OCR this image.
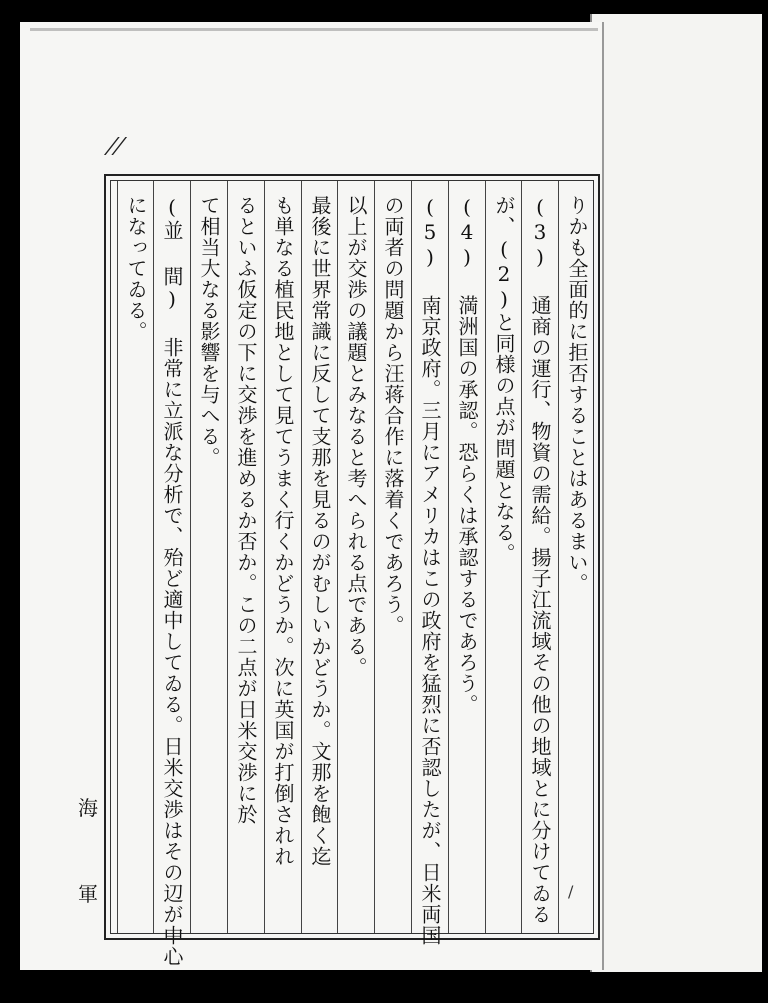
//
りかも全面的に拒否することはあるまい。
(3) 通商の運行、物資の需給。揚子江流域その他の地域とに分けてゐる
が、(2)と同様の点が問題となる。
(4) 満洲国の承認。恐らくは承認するであろう。
(5) 南京政府。三月にアメリカはこの政府を猛烈に否認したが、日米両国
の両者の問題から汪蒋合作に落着くであろう。
以上が交渉の議題とみなると考へられる点である。
最後に世界常識に反して支那を見るのがむしいかどうか。文那を飽く迄
も単なる植民地として見てうまく行くかどうか。次に英国が打倒されれ
るといふ仮定の下に交渉を進めるか否か。この二点が日米交渉に於
て相当大なる影響を与へる。
(並 間) 非常に立派な分析で、殆ど適中してゐる。日米交渉はその辺が中心
になってゐる。
海
軍	/
